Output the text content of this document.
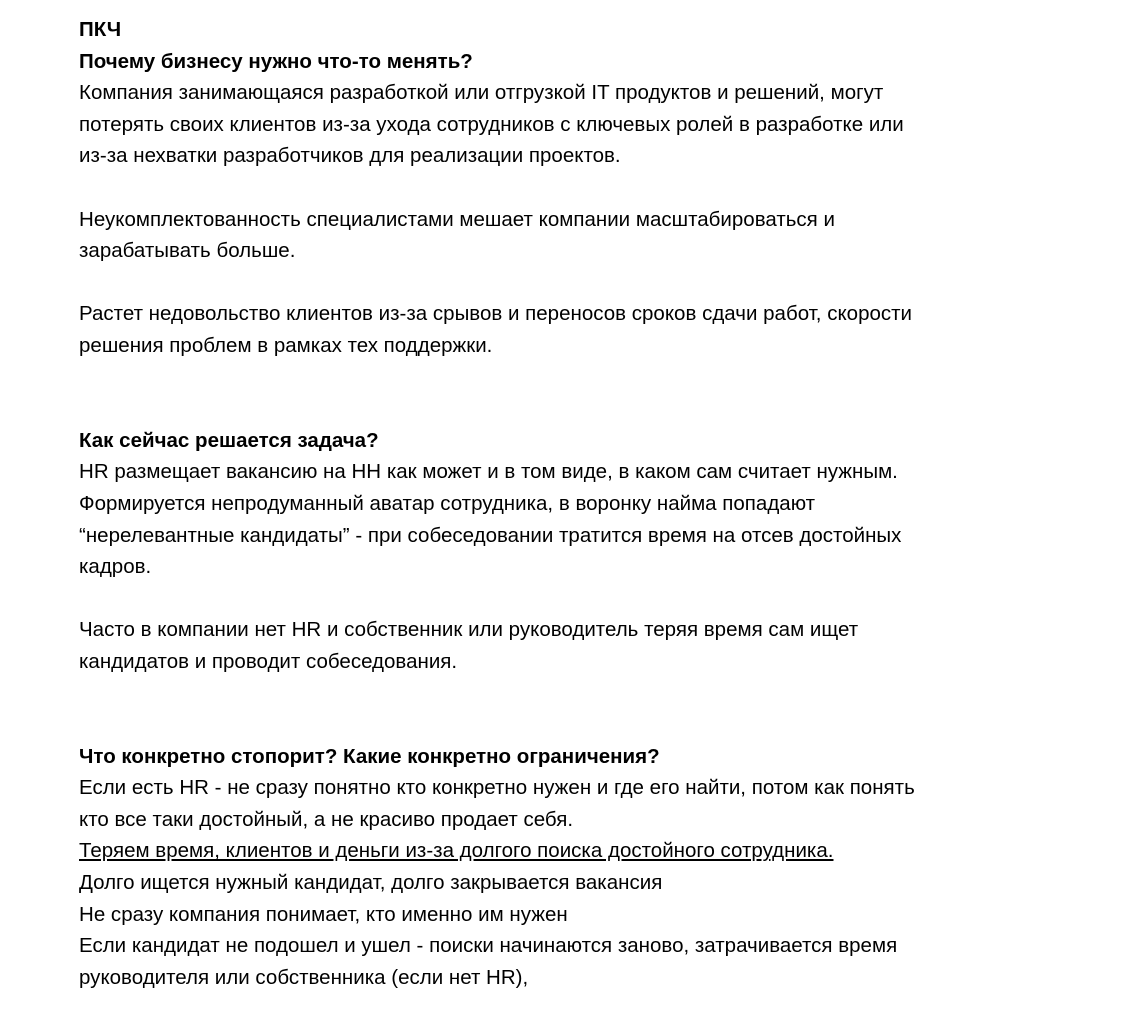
ПКЧ
Почему бизнесу нужно что-то менять?
Компания занимающаяся разработкой или отгрузкой IT продуктов и решений, могут
потерять своих клиентов из-за ухода сотрудников с ключевых ролей в разработке или
из-за нехватки разработчиков для реализации проектов.
Неукомплектованность специалистами мешает компании масштабироваться и
зарабатывать больше.
Растет недовольство клиентов из-за срывов и переносов сроков сдачи работ, скорости
решения проблем в рамках тех поддержки.
Как сейчас решается задача?
HR размещает вакансию на HH как может и в том виде, в каком сам считает нужным.
Формируется непродуманный аватар сотрудника, в воронку найма попадают
“нерелевантные кандидаты” - при собеседовании тратится время на отсев достойных
кадров.
Часто в компании нет HR и собственник или руководитель теряя время сам ищет
кандидатов и проводит собеседования.
Что конкретно стопорит? Какие конкретно ограничения?
Если есть HR - не сразу понятно кто конкретно нужен и где его найти, потом как понять
кто все таки достойный, а не красиво продает себя.
Теряем время, клиентов и деньги из-за долгого поиска достойного сотрудника.
Долго ищется нужный кандидат, долго закрывается вакансия
Не сразу компания понимает, кто именно им нужен
Если кандидат не подошел и ушел - поиски начинаются заново, затрачивается время
руководителя или собственника (если нет HR),
